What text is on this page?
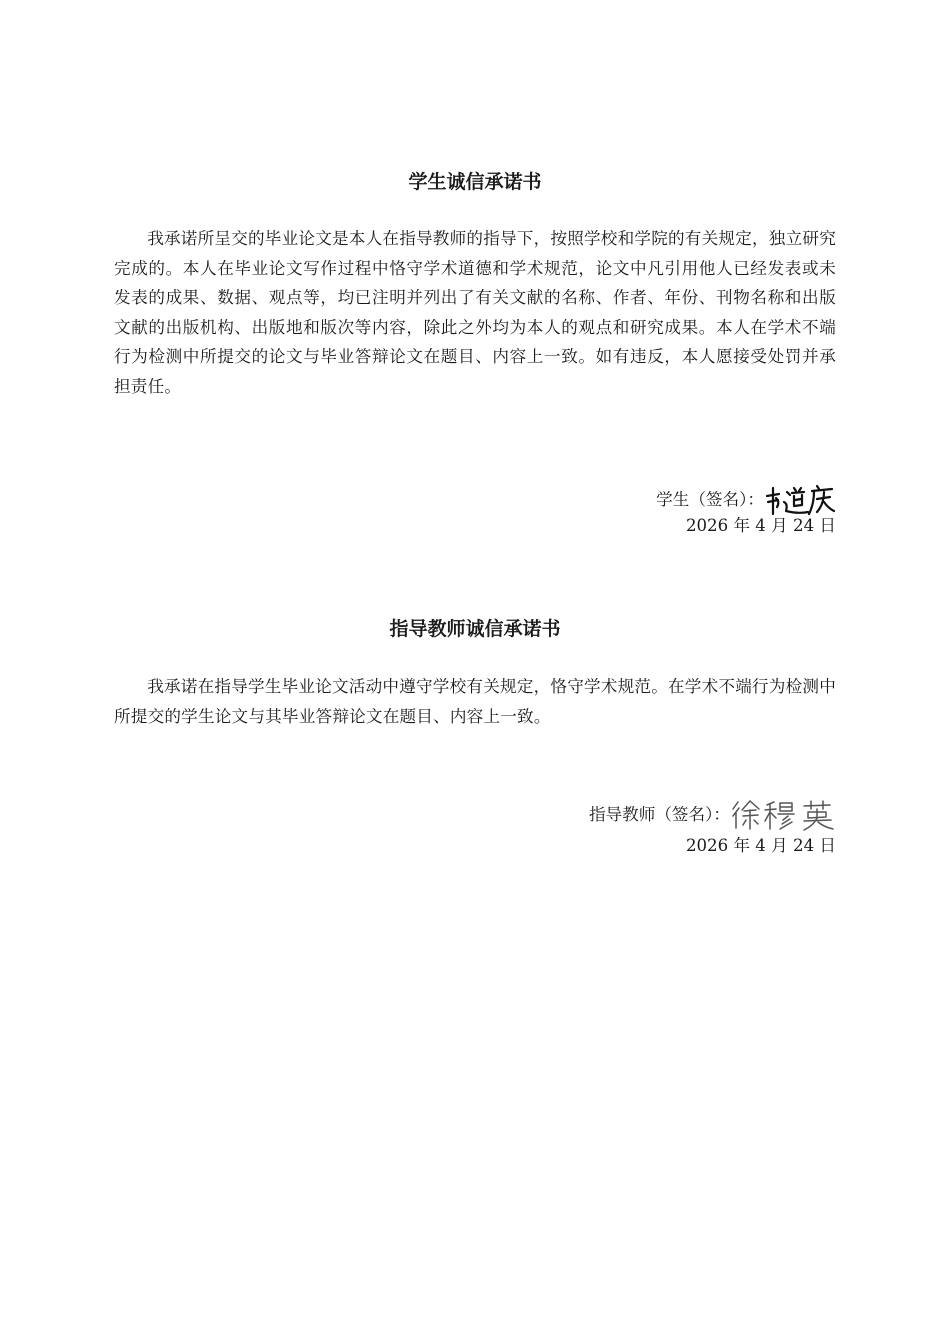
学生诚信承诺书

我承诺所呈交的毕业论文是本人在指导教师的指导下，按照学校和学院的有关规定，独立研究完成的。本人在毕业论文写作过程中恪守学术道德和学术规范，论文中凡引用他人已经发表或未发表的成果、数据、观点等，均已注明并列出了有关文献的名称、作者、年份、刊物名称和出版文献的出版机构、出版地和版次等内容，除此之外均为本人的观点和研究成果。本人在学术不端行为检测中所提交的论文与毕业答辩论文在题目、内容上一致。如有违反，本人愿接受处罚并承担责任。

学生（签名）：
2026 年 4 月 24 日
指导教师诚信承诺书

我承诺在指导学生毕业论文活动中遵守学校有关规定，恪守学术规范。在学术不端行为检测中所提交的学生论文与其毕业答辩论文在题目、内容上一致。

指导教师（签名）：
2026 年 4 月 24 日
